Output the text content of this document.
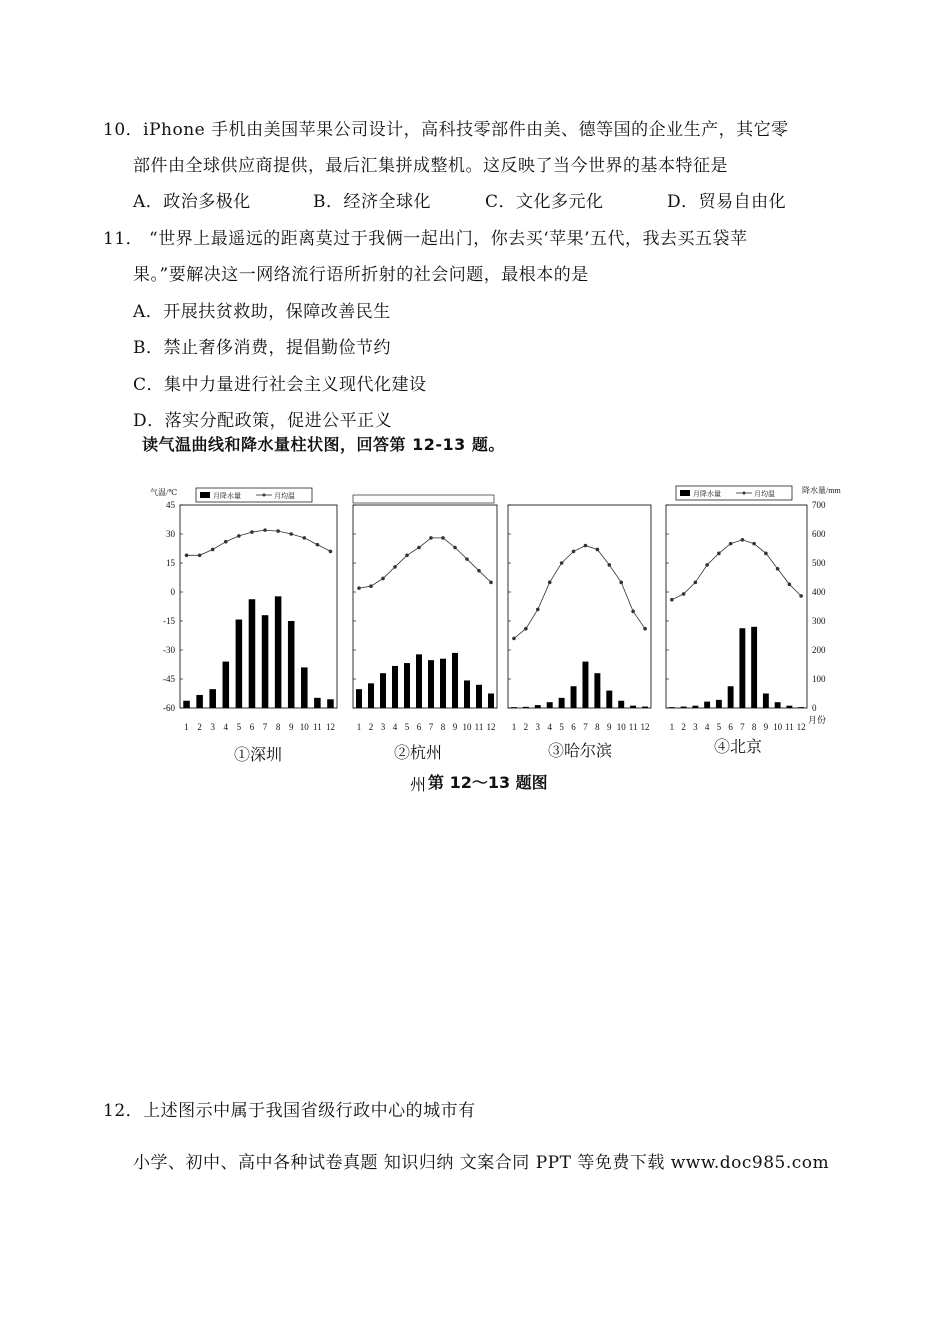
10．iPhone 手机由美国苹果公司设计，高科技零部件由美、德等国的企业生产，其它零
部件由全球供应商提供，最后汇集拼成整机。这反映了当今世界的基本特征是
A．政治多极化	B．经济全球化	C．文化多元化	D．贸易自由化
11． “世界上最遥远的距离莫过于我俩一起出门，你去买‘苹果’五代，我去买五袋苹
果。”要解决这一网络流行语所折射的社会问题，最根本的是
A．开展扶贫救助，保障改善民生
B．禁止奢侈消费，提倡勤俭节约
C．集中力量进行社会主义现代化建设
D．落实分配政策，促进公平正义
读气温曲线和降水量柱状图，回答第 12-13 题。
气温/℃
45
30
15
0
-15
-30
-45
-60
降水量/mm
700
600
500
400
300
200
100
0
月份
月降水量	月均温	月降水量	月均温
1 2 3 4 5 6 7 8 9 10 11 12
①深圳
1 2 3 4 5 6 7 8 9 10 11 12
②杭州
1 2 3 4 5 6 7 8 9 10 11 12
③哈尔滨
1 2 3 4 5 6 7 8 9 10 11 12
④北京
州 第 12～13 题图
12．上述图示中属于我国省级行政中心的城市有
小学、初中、高中各种试卷真题 知识归纳 文案合同 PPT 等免费下载 www.doc985.com
